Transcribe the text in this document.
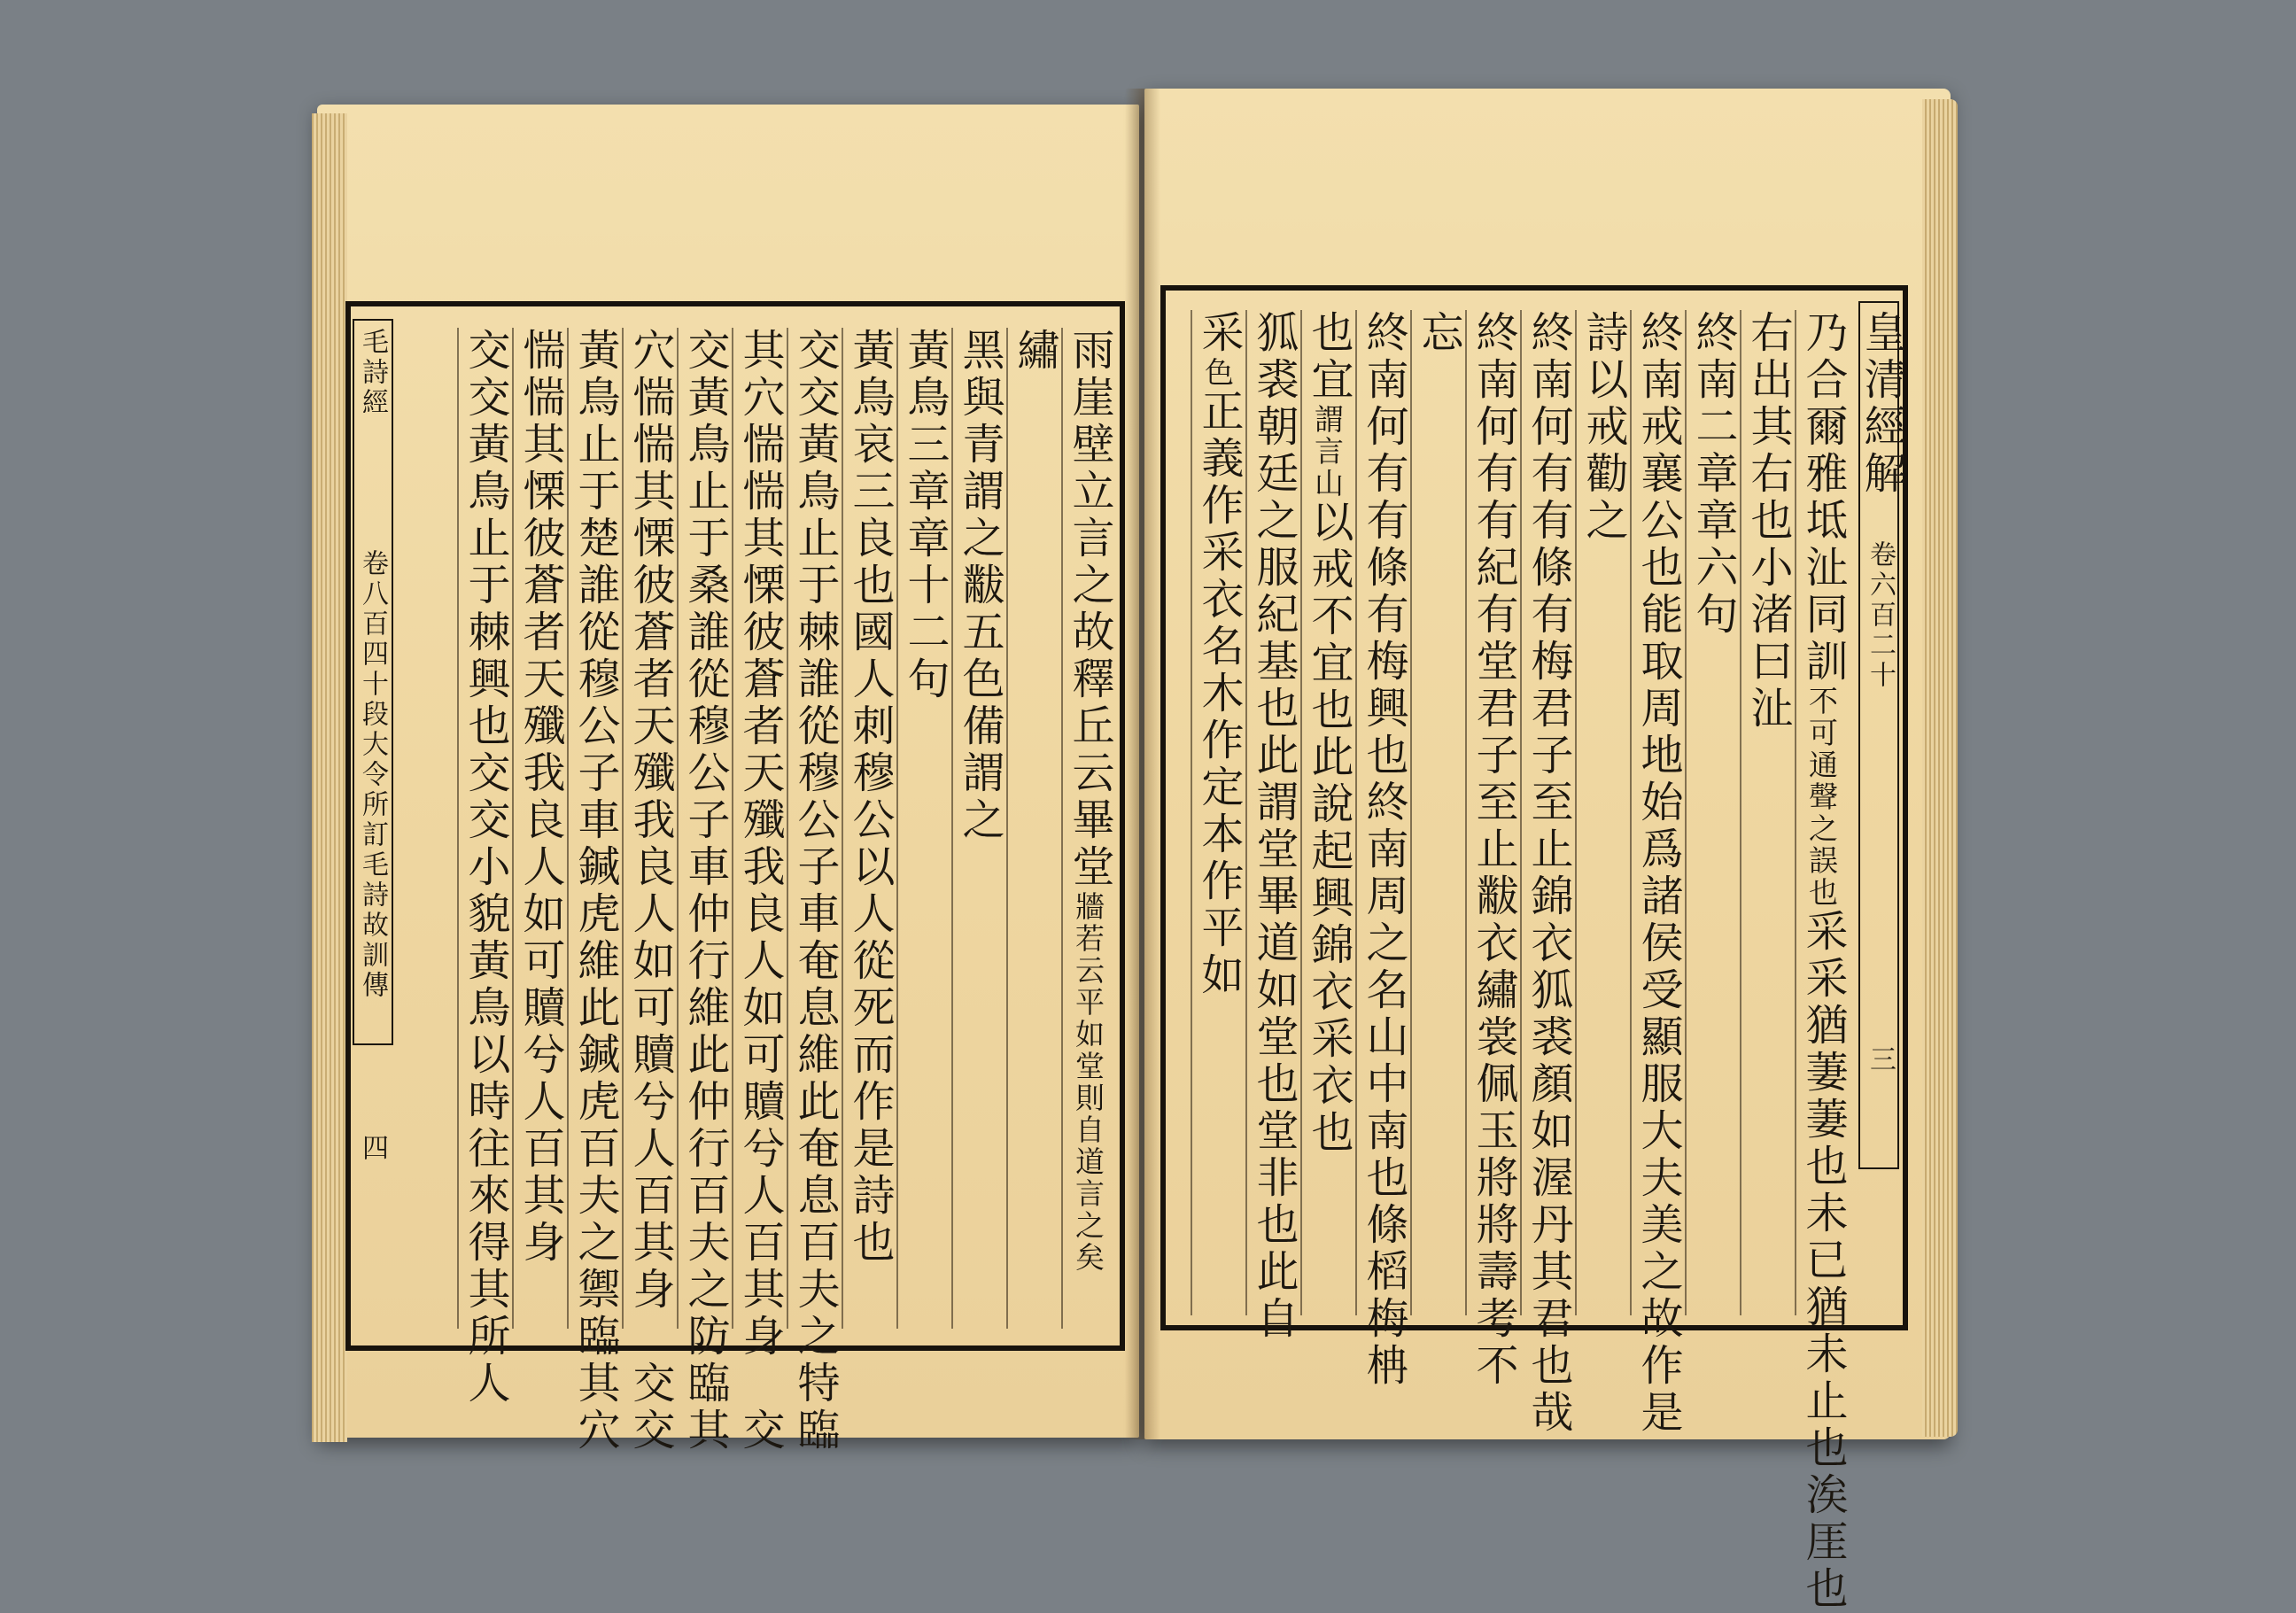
毛詩經
卷八百四十
段大令所訂毛詩故訓傳
四
雨崖壁立言之故釋丘云畢堂
牆若云平如堂則自道言之矣
繡
黑與青謂之黻五色備謂之
黃鳥三章章十二句
黃鳥哀三良也國人刺穆公以人從死而作是詩也
交交黃鳥止于棘誰從穆公子車奄息維此奄息百夫之特臨
其穴惴惴其慄彼蒼者天殲我良人如可贖兮人百其身　交
交黃鳥止于桑誰從穆公子車仲行維此仲行百夫之防臨其
穴惴惴其慄彼蒼者天殲我良人如可贖兮人百其身　交交
黃鳥止于楚誰從穆公子車鍼虎維此鍼虎百夫之禦臨其穴
惴惴其慄彼蒼者天殲我良人如可贖兮人百其身
交交黃鳥止于棘興也交交小貌黃鳥以時往來得其所人	皇清經解
卷六百二十
三
乃合爾雅坻沚同訓
不可通聲之誤也
采采猶萋萋也未已猶未止也涘厓也
右出其右也小渚曰沚
終南二章章六句
終南戒襄公也能取周地始爲諸侯受顯服大夫美之故作是
詩以戒勸之
終南何有有條有梅君子至止錦衣狐裘顏如渥丹其君也哉
終南何有有紀有堂君子至止黻衣繡裳佩玉將將壽考不
忘
終南何有有條有梅興也終南周之名山中南也條槄梅柟
也宜
謂言山
以戒不宜也此說起興錦衣采衣也
狐裘朝廷之服紀基也此謂堂畢道如堂也堂非也此自
采
色
正義作采衣名木作定本作平如
